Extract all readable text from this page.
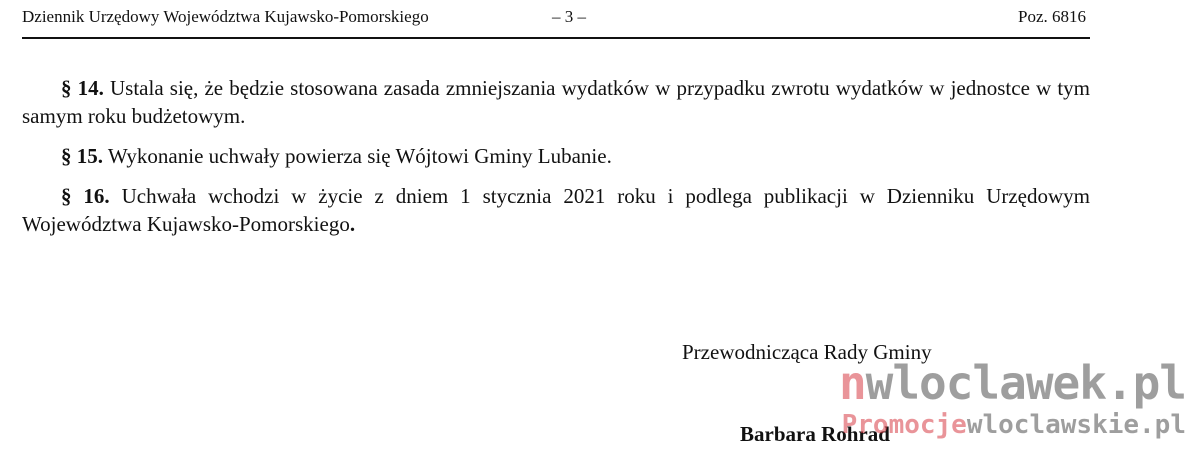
Dziennik Urzędowy Województwa Kujawsko-Pomorskiego	– 3 –	Poz. 6816

§ 14. Ustala się, że będzie stosowana zasada zmniejszania wydatków w przypadku zwrotu wydatków w jednostce w tym samym roku budżetowym.

§ 15. Wykonanie uchwały powierza się Wójtowi Gminy Lubanie.

§ 16. Uchwała wchodzi w życie z dniem 1 stycznia 2021 roku i podlega publikacji w Dzienniku Urzędowym Województwa Kujawsko-Pomorskiego.

Przewodnicząca Rady Gminy
Barbara Rohrad
nwloclawek.pl
Promocjewloclawskie.pl
